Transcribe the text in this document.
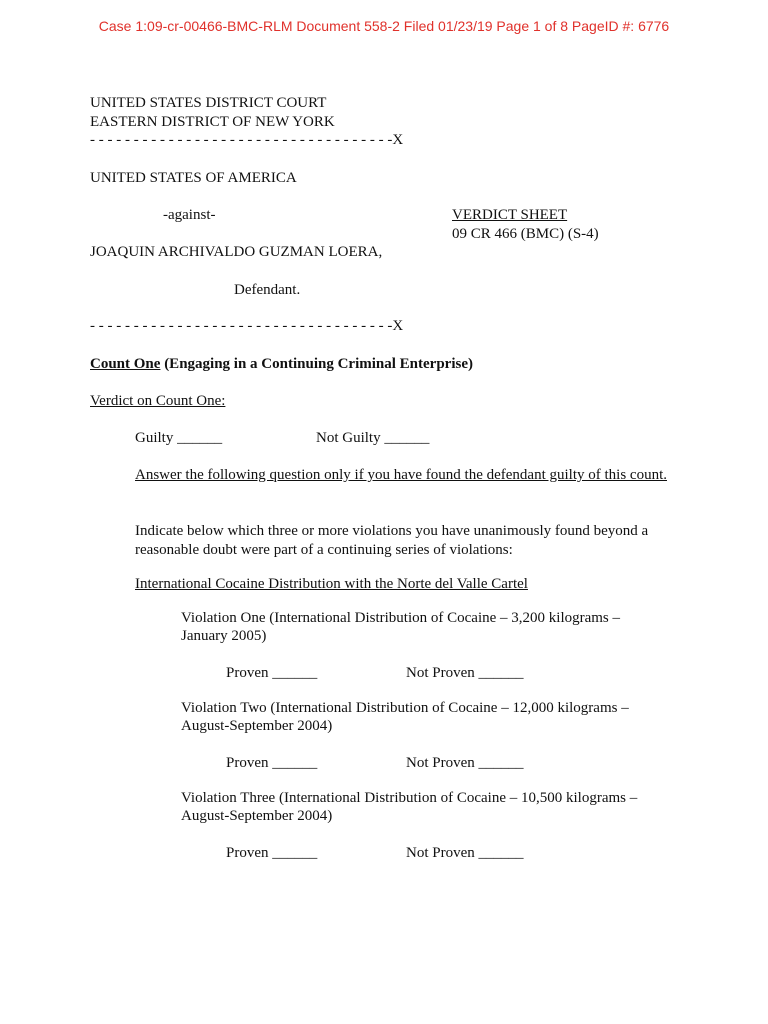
Case 1:09-cr-00466-BMC-RLM Document 558-2 Filed 01/23/19 Page 1 of 8 PageID #: 6776
UNITED STATES DISTRICT COURT
EASTERN DISTRICT OF NEW YORK
- - - - - - - - - - - - - - - - - - - - - - - - - - - - - - - - - - -X
UNITED STATES OF AMERICA
-against-	VERDICT SHEET
09 CR 466 (BMC) (S-4)
JOAQUIN ARCHIVALDO GUZMAN LOERA,
Defendant.
- - - - - - - - - - - - - - - - - - - - - - - - - - - - - - - - - - -X
Count One (Engaging in a Continuing Criminal Enterprise)
Verdict on Count One:
Guilty ______	Not Guilty ______
Answer the following question only if you have found the defendant guilty of this count.
Indicate below which three or more violations you have unanimously found beyond a reasonable doubt were part of a continuing series of violations:
International Cocaine Distribution with the Norte del Valle Cartel
Violation One (International Distribution of Cocaine – 3,200 kilograms –
January 2005)
Proven ______	Not Proven ______
Violation Two (International Distribution of Cocaine – 12,000 kilograms –
August-September 2004)
Proven ______	Not Proven ______
Violation Three (International Distribution of Cocaine – 10,500 kilograms –
August-September 2004)
Proven ______	Not Proven ______
